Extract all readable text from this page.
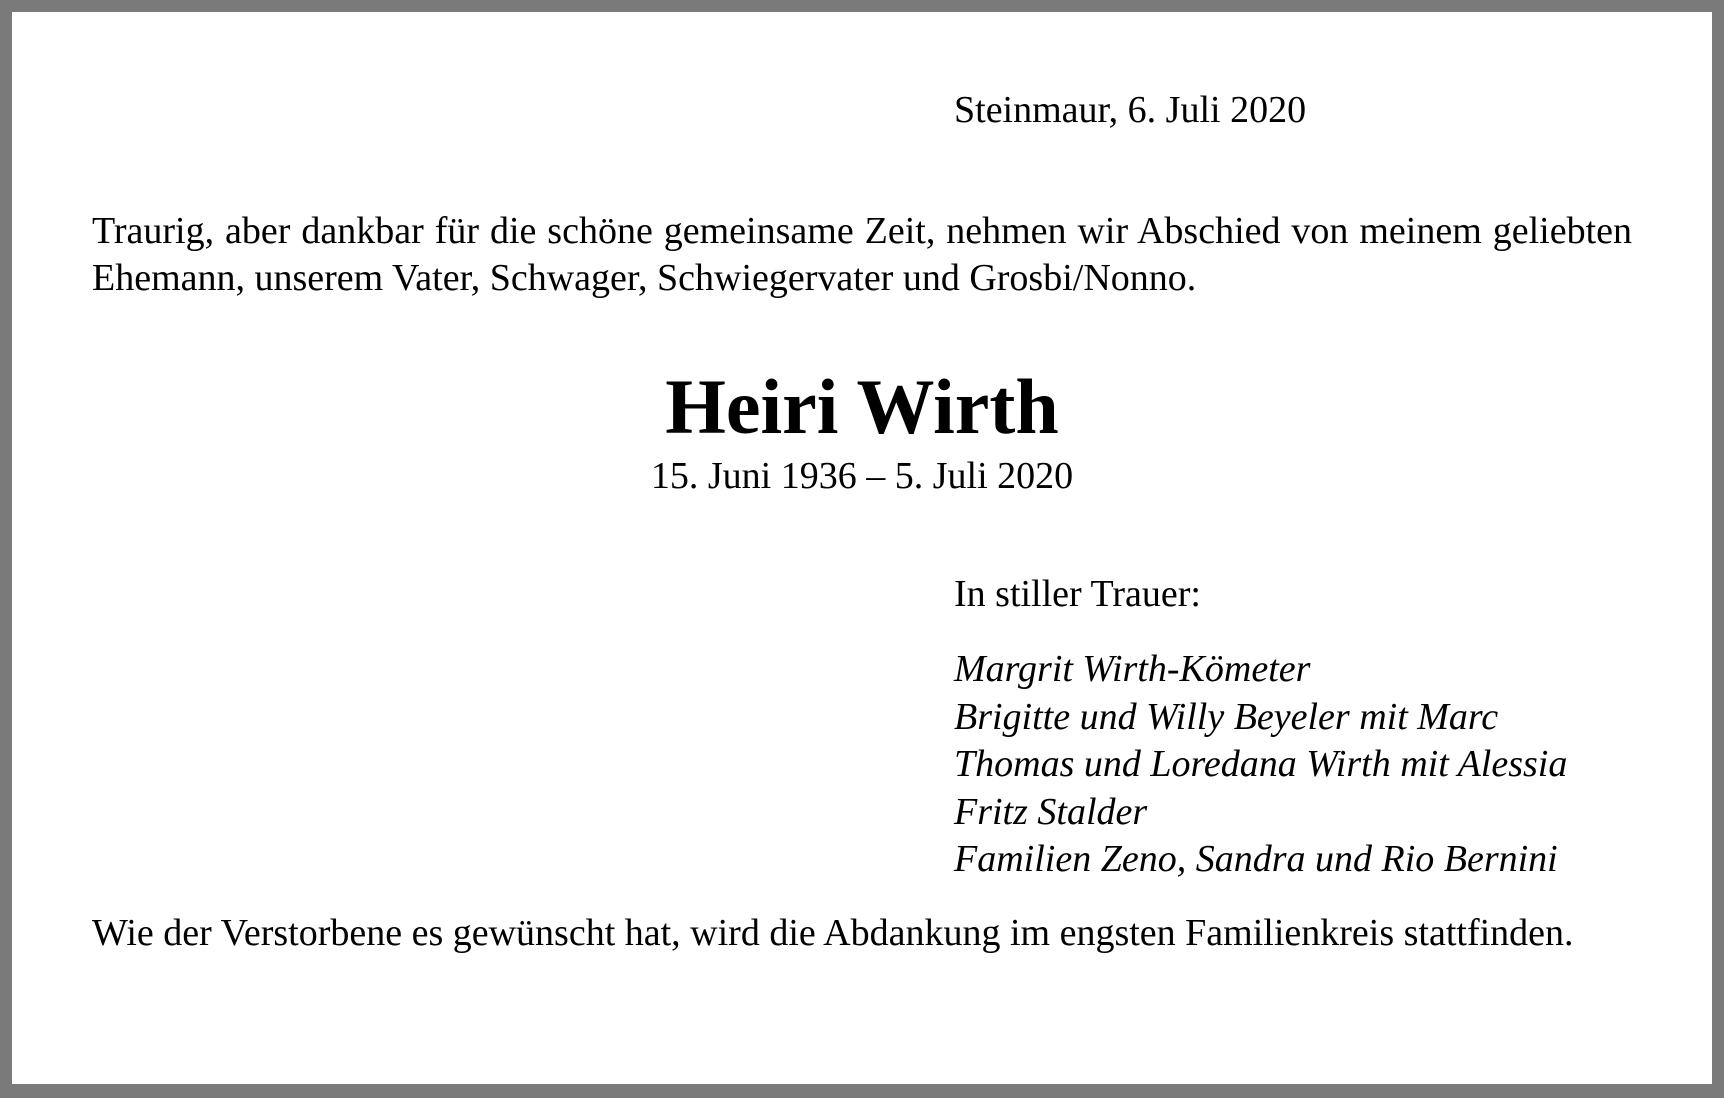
Steinmaur, 6. Juli 2020
Traurig, aber dankbar für die schöne gemeinsame Zeit, nehmen wir Abschied von meinem geliebten Ehemann, unserem Vater, Schwager, Schwiegervater und Grosbi/Nonno.
Heiri Wirth
15. Juni 1936 – 5. Juli 2020
In stiller Trauer:
Margrit Wirth-Kömeter
Brigitte und Willy Beyeler mit Marc
Thomas und Loredana Wirth mit Alessia
Fritz Stalder
Familien Zeno, Sandra und Rio Bernini
Wie der Verstorbene es gewünscht hat, wird die Abdankung im engsten Familienkreis stattfinden.
